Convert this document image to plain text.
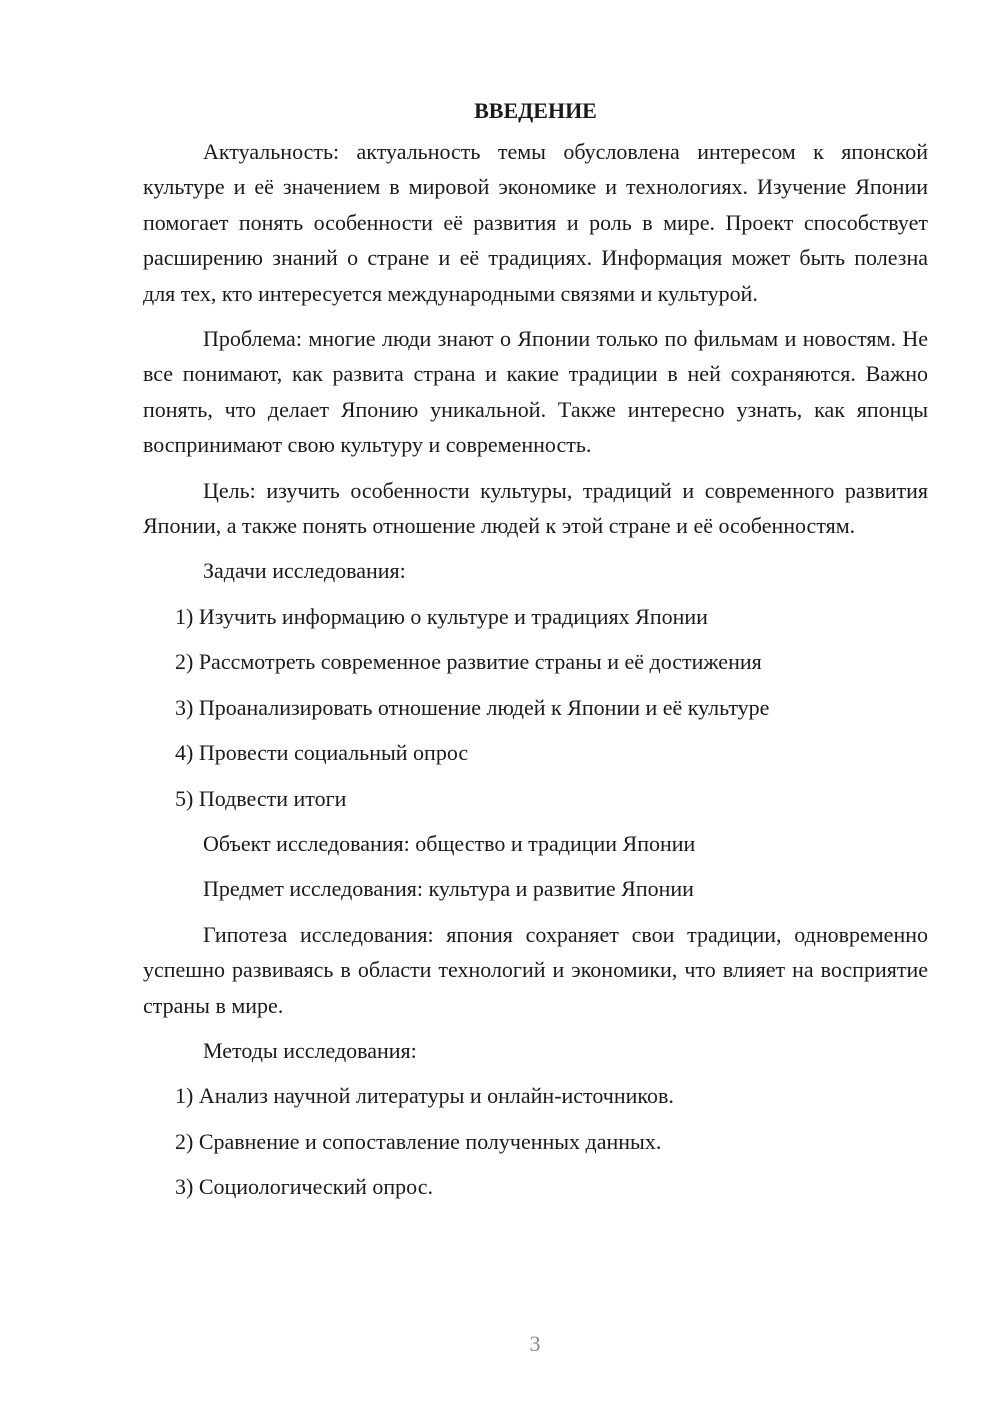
ВВЕДЕНИЕ

Актуальность: актуальность темы обусловлена интересом к японской культуре и её значением в мировой экономике и технологиях. Изучение Японии помогает понять особенности её развития и роль в мире. Проект способствует расширению знаний о стране и её традициях. Информация может быть полезна для тех, кто интересуется международными связями и культурой.

Проблема: многие люди знают о Японии только по фильмам и новостям. Не все понимают, как развита страна и какие традиции в ней сохраняются. Важно понять, что делает Японию уникальной. Также интересно узнать, как японцы воспринимают свою культуру и современность.

Цель: изучить особенности культуры, традиций и современного развития Японии, а также понять отношение людей к этой стране и её особенностям.

Задачи исследования:
1) Изучить информацию о культуре и традициях Японии
2) Рассмотреть современное развитие страны и её достижения
3) Проанализировать отношение людей к Японии и её культуре
4) Провести социальный опрос
5) Подвести итоги
Объект исследования: общество и традиции Японии
Предмет исследования: культура и развитие Японии

Гипотеза исследования: япония сохраняет свои традиции, одновременно успешно развиваясь в области технологий и экономики, что влияет на восприятие страны в мире.

Методы исследования:
1) Анализ научной литературы и онлайн-источников.
2) Сравнение и сопоставление полученных данных.
3) Социологический опрос.
3
